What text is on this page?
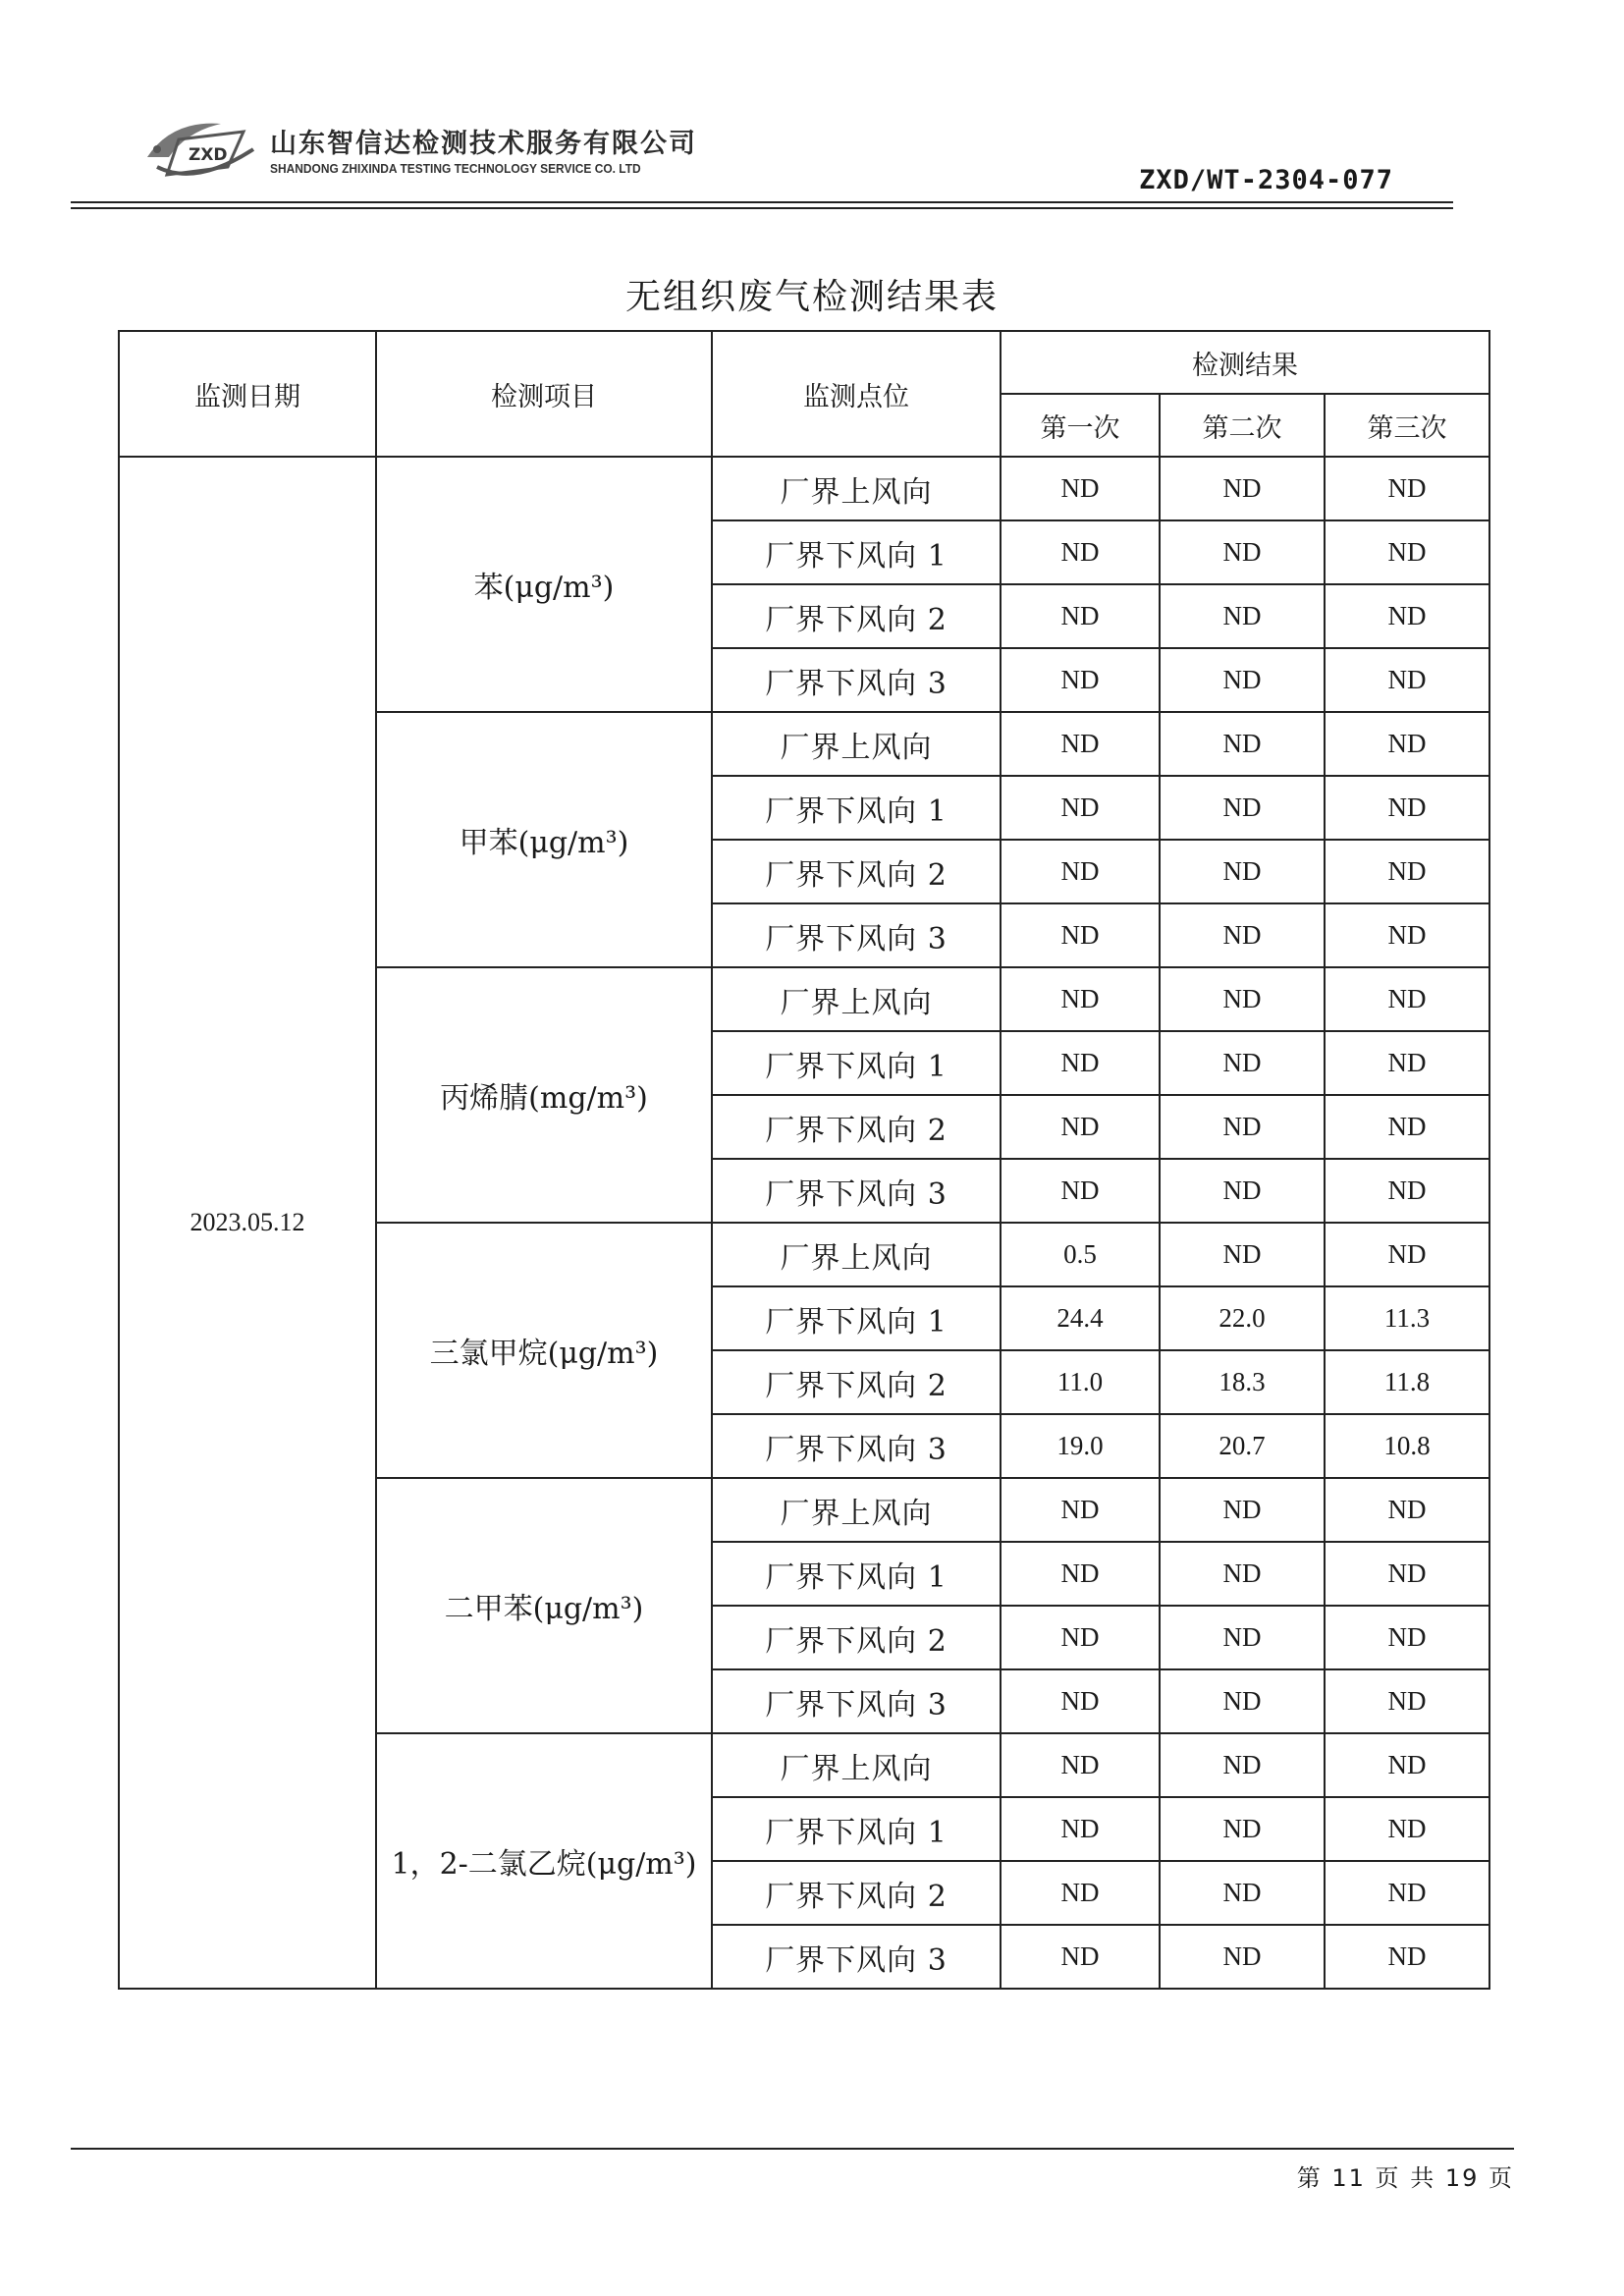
ZXD 山东智信达检测技术服务有限公司
SHANDONG ZHIXINDA TESTING TECHNOLOGY SERVICE CO. LTD	ZXD/WT-2304-077
无组织废气检测结果表
监测日期	检测项目	监测点位	检测结果		
			第一次	第二次	第三次
2023.05.12	苯(μg/m³)	厂界上风向	ND	ND	ND
		厂界下风向 1	ND	ND	ND
		厂界下风向 2	ND	ND	ND
		厂界下风向 3	ND	ND	ND
	甲苯(μg/m³)	厂界上风向	ND	ND	ND
		厂界下风向 1	ND	ND	ND
		厂界下风向 2	ND	ND	ND
		厂界下风向 3	ND	ND	ND
	丙烯腈(mg/m³)	厂界上风向	ND	ND	ND
		厂界下风向 1	ND	ND	ND
		厂界下风向 2	ND	ND	ND
		厂界下风向 3	ND	ND	ND
	三氯甲烷(μg/m³)	厂界上风向	0.5	ND	ND
		厂界下风向 1	24.4	22.0	11.3
		厂界下风向 2	11.0	18.3	11.8
		厂界下风向 3	19.0	20.7	10.8
	二甲苯(μg/m³)	厂界上风向	ND	ND	ND
		厂界下风向 1	ND	ND	ND
		厂界下风向 2	ND	ND	ND
		厂界下风向 3	ND	ND	ND
	1，2-二氯乙烷(μg/m³)	厂界上风向	ND	ND	ND
		厂界下风向 1	ND	ND	ND
		厂界下风向 2	ND	ND	ND
		厂界下风向 3	ND	ND	ND
第 11 页 共 19 页
